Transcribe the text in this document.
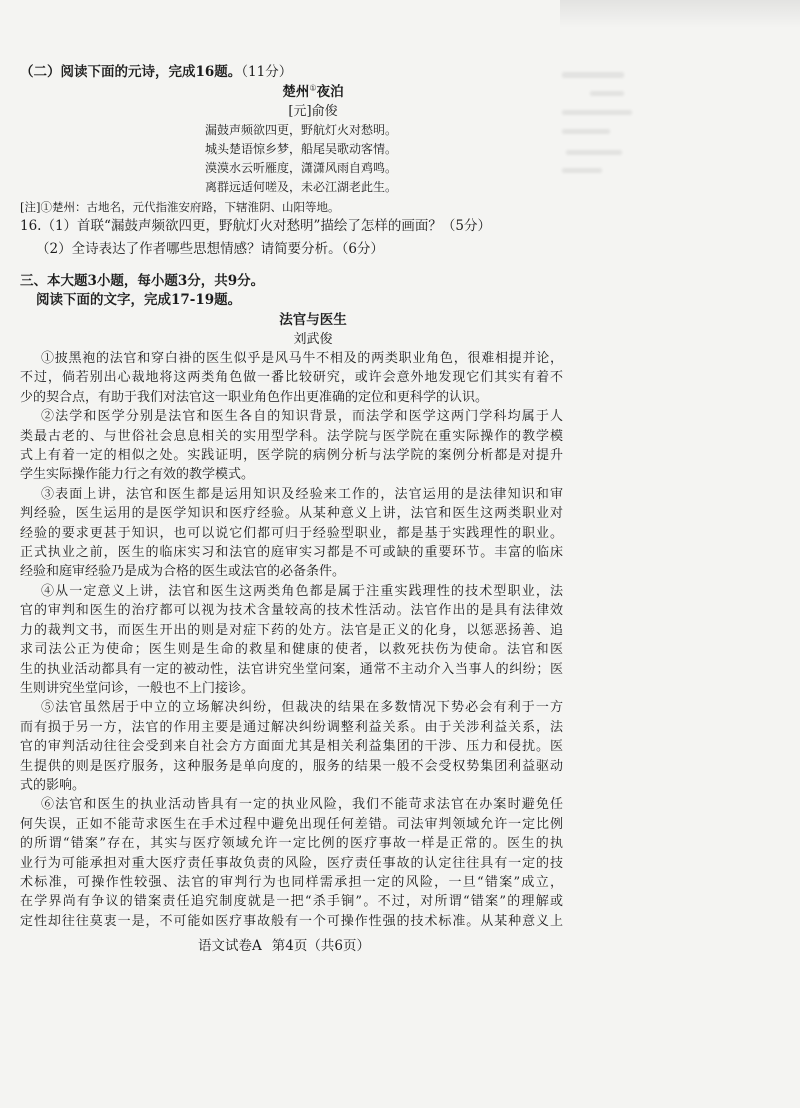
（二）阅读下面的元诗，完成16题。（11分）
楚州①夜泊
[元]俞俊
漏鼓声频欲四更，野航灯火对愁明。
城头楚语惊乡梦，船尾吴歌动客情。
漠漠水云听雁度，潇潇风雨自鸡鸣。
离群远适何嗟及，未必江湖老此生。
[注]①楚州：古地名，元代指淮安府路，下辖淮阴、山阳等地。
16.（1）首联“漏鼓声频欲四更，野航灯火对愁明”描绘了怎样的画面？（5分）
（2）全诗表达了作者哪些思想情感？请简要分析。（6分）
三、本大题3小题，每小题3分，共9分。
阅读下面的文字，完成17-19题。
法官与医生
刘武俊
①披黑袍的法官和穿白褂的医生似乎是风马牛不相及的两类职业角色，很难相提并论，
不过，倘若别出心裁地将这两类角色做一番比较研究，或许会意外地发现它们其实有着不
少的契合点，有助于我们对法官这一职业角色作出更准确的定位和更科学的认识。
②法学和医学分别是法官和医生各自的知识背景，而法学和医学这两门学科均属于人
类最古老的、与世俗社会息息相关的实用型学科。法学院与医学院在重实际操作的教学模
式上有着一定的相似之处。实践证明，医学院的病例分析与法学院的案例分析都是对提升
学生实际操作能力行之有效的教学模式。
③表面上讲，法官和医生都是运用知识及经验来工作的，法官运用的是法律知识和审
判经验，医生运用的是医学知识和医疗经验。从某种意义上讲，法官和医生这两类职业对
经验的要求更甚于知识，也可以说它们都可归于经验型职业，都是基于实践理性的职业。
正式执业之前，医生的临床实习和法官的庭审实习都是不可或缺的重要环节。丰富的临床
经验和庭审经验乃是成为合格的医生或法官的必备条件。
④从一定意义上讲，法官和医生这两类角色都是属于注重实践理性的技术型职业，法
官的审判和医生的治疗都可以视为技术含量较高的技术性活动。法官作出的是具有法律效
力的裁判文书，而医生开出的则是对症下药的处方。法官是正义的化身，以惩恶扬善、追
求司法公正为使命；医生则是生命的救星和健康的使者，以救死扶伤为使命。法官和医
生的执业活动都具有一定的被动性，法官讲究坐堂问案，通常不主动介入当事人的纠纷；医
生则讲究坐堂问诊，一般也不上门接诊。
⑤法官虽然居于中立的立场解决纠纷，但裁决的结果在多数情况下势必会有利于一方
而有损于另一方，法官的作用主要是通过解决纠纷调整利益关系。由于关涉利益关系，法
官的审判活动往往会受到来自社会方方面面尤其是相关利益集团的干涉、压力和侵扰。医
生提供的则是医疗服务，这种服务是单向度的，服务的结果一般不会受权势集团利益驱动
式的影响。
⑥法官和医生的执业活动皆具有一定的执业风险，我们不能苛求法官在办案时避免任
何失误，正如不能苛求医生在手术过程中避免出现任何差错。司法审判领域允许一定比例
的所谓“错案”存在，其实与医疗领域允许一定比例的医疗事故一样是正常的。医生的执
业行为可能承担对重大医疗责任事故负责的风险，医疗责任事故的认定往往具有一定的技
术标准，可操作性较强、法官的审判行为也同样需承担一定的风险，一旦“错案”成立，
在学界尚有争议的错案责任追究制度就是一把“杀手锏”。不过，对所谓“错案”的理解或
定性却往往莫衷一是，不可能如医疗事故般有一个可操作性强的技术标准。从某种意义上
语文试卷A 第4页（共6页）
